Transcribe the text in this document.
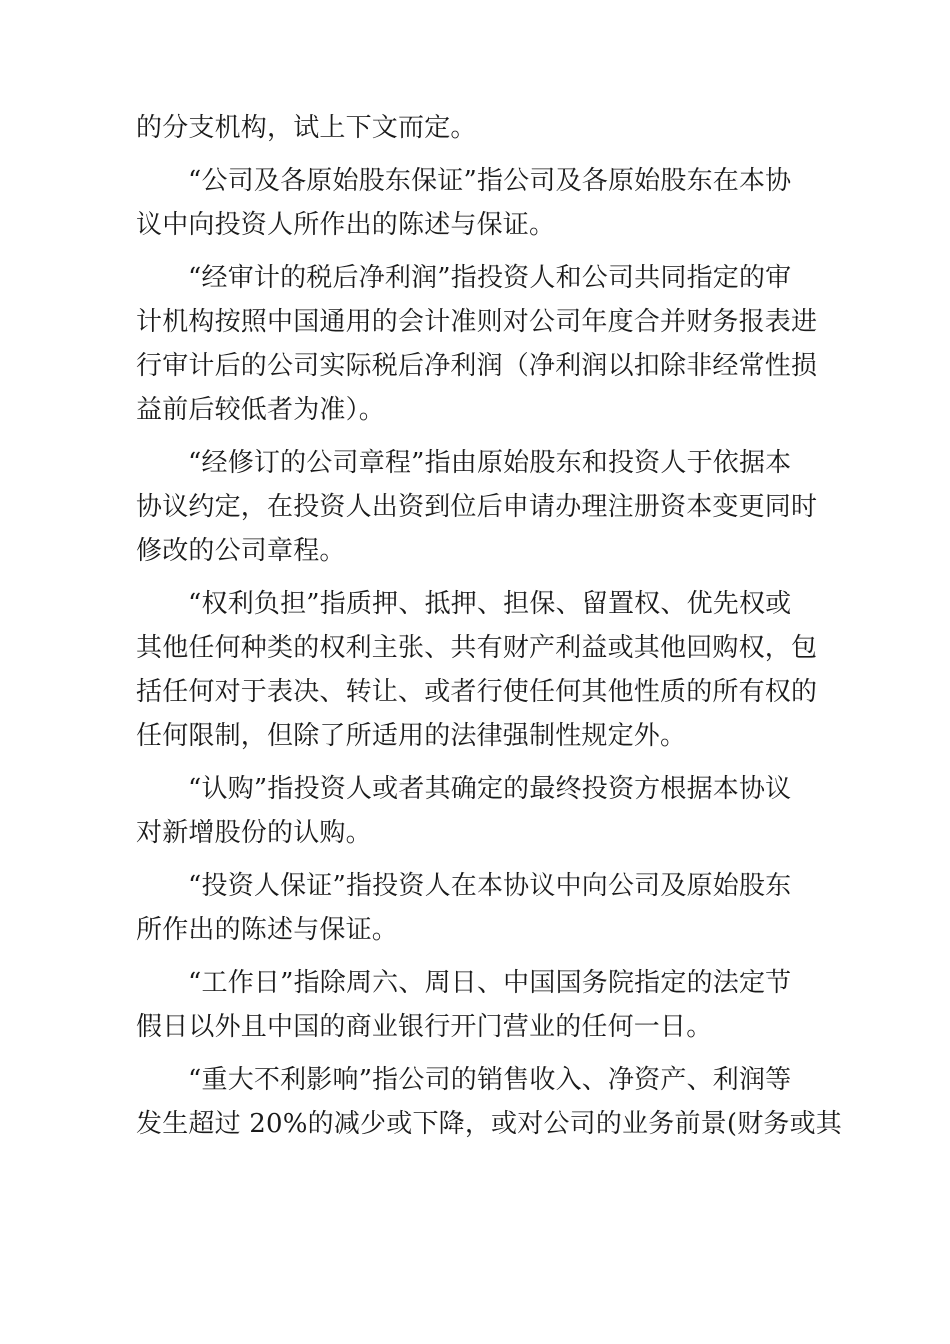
的分支机构，试上下文而定。
“公司及各原始股东保证”指公司及各原始股东在本协
议中向投资人所作出的陈述与保证。
“经审计的税后净利润”指投资人和公司共同指定的审
计机构按照中国通用的会计准则对公司年度合并财务报表进
行审计后的公司实际税后净利润（净利润以扣除非经常性损
益前后较低者为准）。
“经修订的公司章程”指由原始股东和投资人于依据本
协议约定，在投资人出资到位后申请办理注册资本变更同时
修改的公司章程。
“权利负担”指质押、抵押、担保、留置权、优先权或
其他任何种类的权利主张、共有财产利益或其他回购权，包
括任何对于表决、转让、或者行使任何其他性质的所有权的
任何限制，但除了所适用的法律强制性规定外。
“认购”指投资人或者其确定的最终投资方根据本协议
对新增股份的认购。
“投资人保证”指投资人在本协议中向公司及原始股东
所作出的陈述与保证。
“工作日”指除周六、周日、中国国务院指定的法定节
假日以外且中国的商业银行开门营业的任何一日。
“重大不利影响”指公司的销售收入、净资产、利润等
发生超过 20%的减少或下降，或对公司的业务前景(财务或其
